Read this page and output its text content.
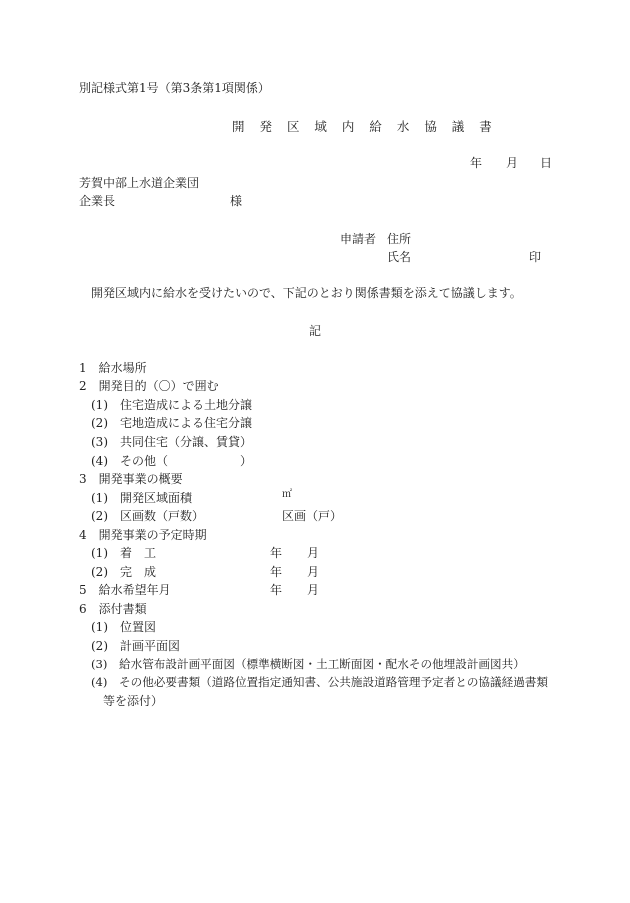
別記様式第1号（第3条第1項関係）
開 発 区 域 内 給 水 協 議 書
年 月 日
芳賀中部上水道企業団
企業長	様
申請者 住所
氏名	印
開発区域内に給水を受けたいので、下記のとおり関係書類を添えて協議します。
記
1　給水場所
2　開発目的（〇）で囲む
(1)　住宅造成による土地分譲
(2)　宅地造成による住宅分譲
(3)　共同住宅（分譲、賃貸）
(4)　その他（　　　　　　）
3　開発事業の概要
(1)　開発区域面積	㎡
(2)　区画数（戸数）	区画（戸）
4　開発事業の予定時期
(1)　着　工	年 月
(2)　完　成	年 月
5　給水希望年月	年 月
6　添付書類
(1)　位置図
(2)　計画平面図
(3)　給水管布設計画平面図（標準横断図・土工断面図・配水その他埋設計画図共）
(4)　その他必要書類（道路位置指定通知書、公共施設道路管理予定者との協議経過書類
等を添付）
